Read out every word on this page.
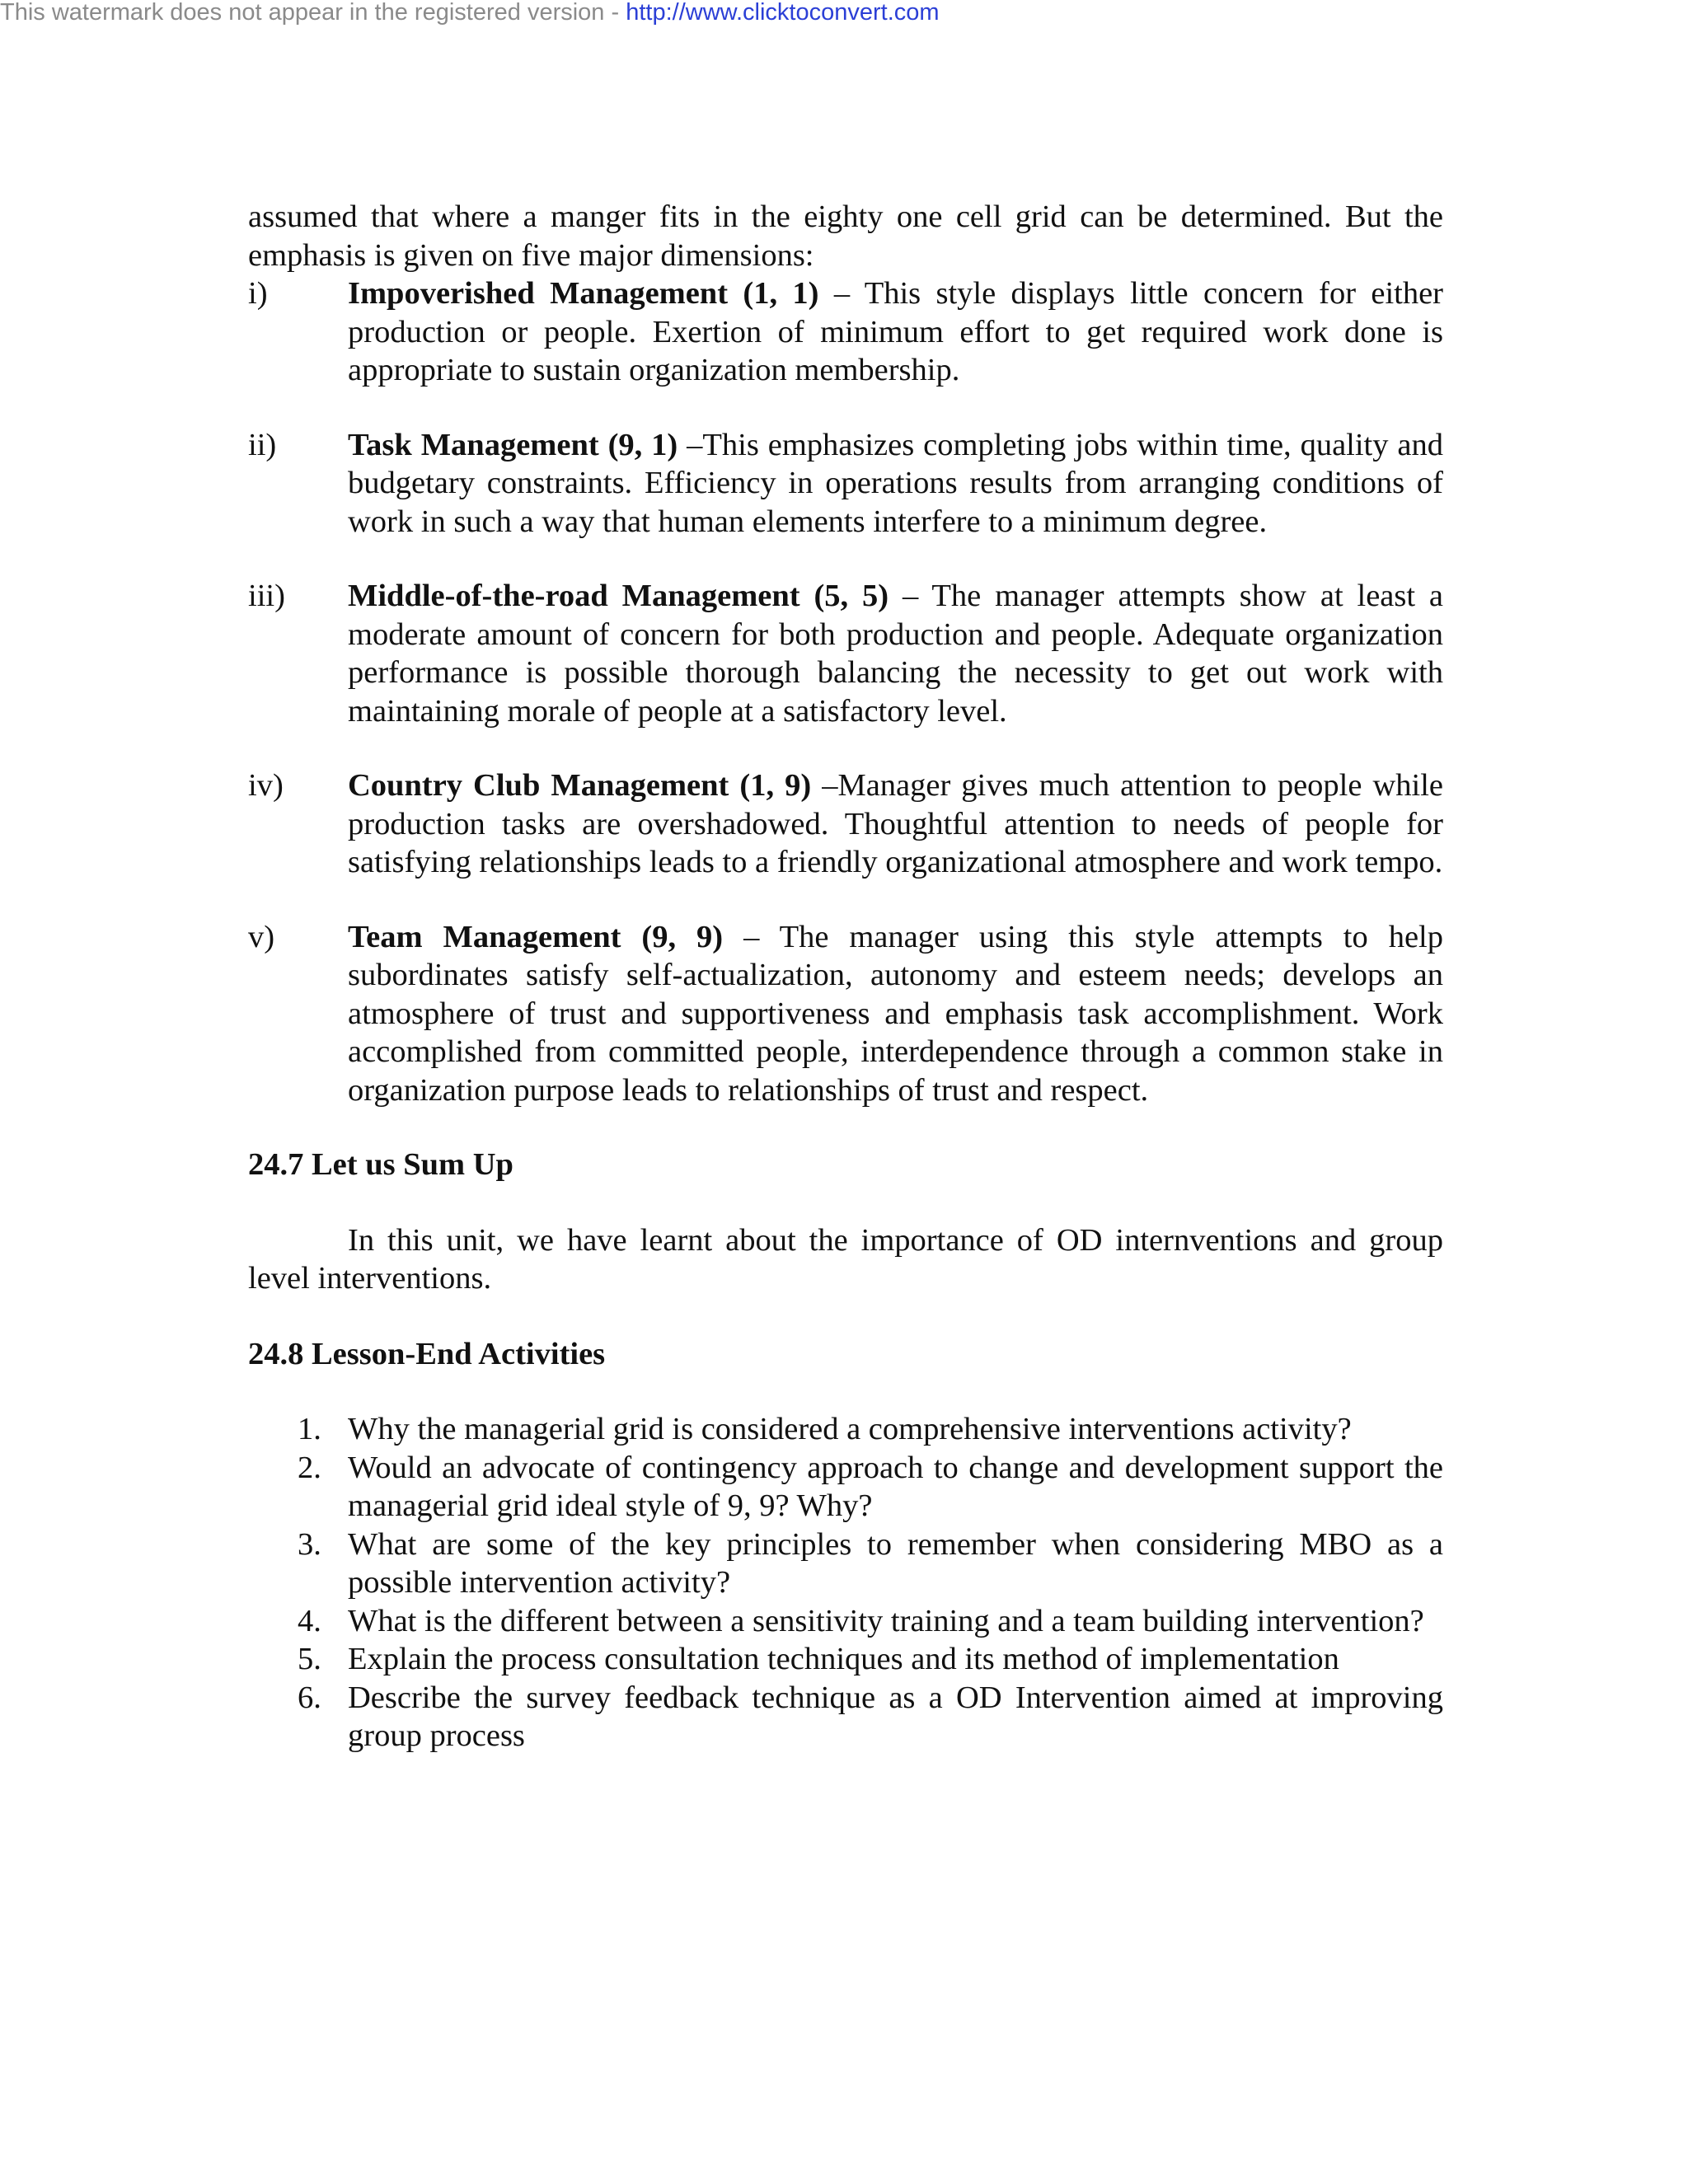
This watermark does not appear in the registered version - http://www.clicktoconvert.com

assumed that where a manger fits in the eighty one cell grid can be determined. But the emphasis is given on five major dimensions:

i)	Impoverished Management (1, 1) – This style displays little concern for either production or people. Exertion of minimum effort to get required work done is appropriate to sustain organization membership.
ii) Task Management (9, 1) –This emphasizes completing jobs within time, quality and budgetary constraints. Efficiency in operations results from arranging conditions of work in such a way that human elements interfere to a minimum degree.
iii) Middle-of-the-road Management (5, 5) – The manager attempts show at least a moderate amount of concern for both production and people. Adequate organization performance is possible thorough balancing the necessity to get out work with maintaining morale of people at a satisfactory level.
iv) Country Club Management (1, 9) –Manager gives much attention to people while production tasks are overshadowed. Thoughtful attention to needs of people for satisfying relationships leads to a friendly organizational atmosphere and work tempo.
v) Team Management (9, 9) – The manager using this style attempts to help subordinates satisfy self-actualization, autonomy and esteem needs; develops an atmosphere of trust and supportiveness and emphasis task accomplishment. Work accomplished from committed people, interdependence through a common stake in organization purpose leads to relationships of trust and respect.
24.7 Let us Sum Up

In this unit, we have learnt about the importance of OD internventions and group level interventions.

24.8 Lesson-End Activities
1. Why the managerial grid is considered a comprehensive interventions activity?
2. Would an advocate of contingency approach to change and development support the managerial grid ideal style of 9, 9? Why?
3. What are some of the key principles to remember when considering MBO as a possible intervention activity?
4. What is the different between a sensitivity training and a team building intervention?
5. Explain the process consultation techniques and its method of implementation
6. Describe the survey feedback technique as a OD Intervention aimed at improving group process
